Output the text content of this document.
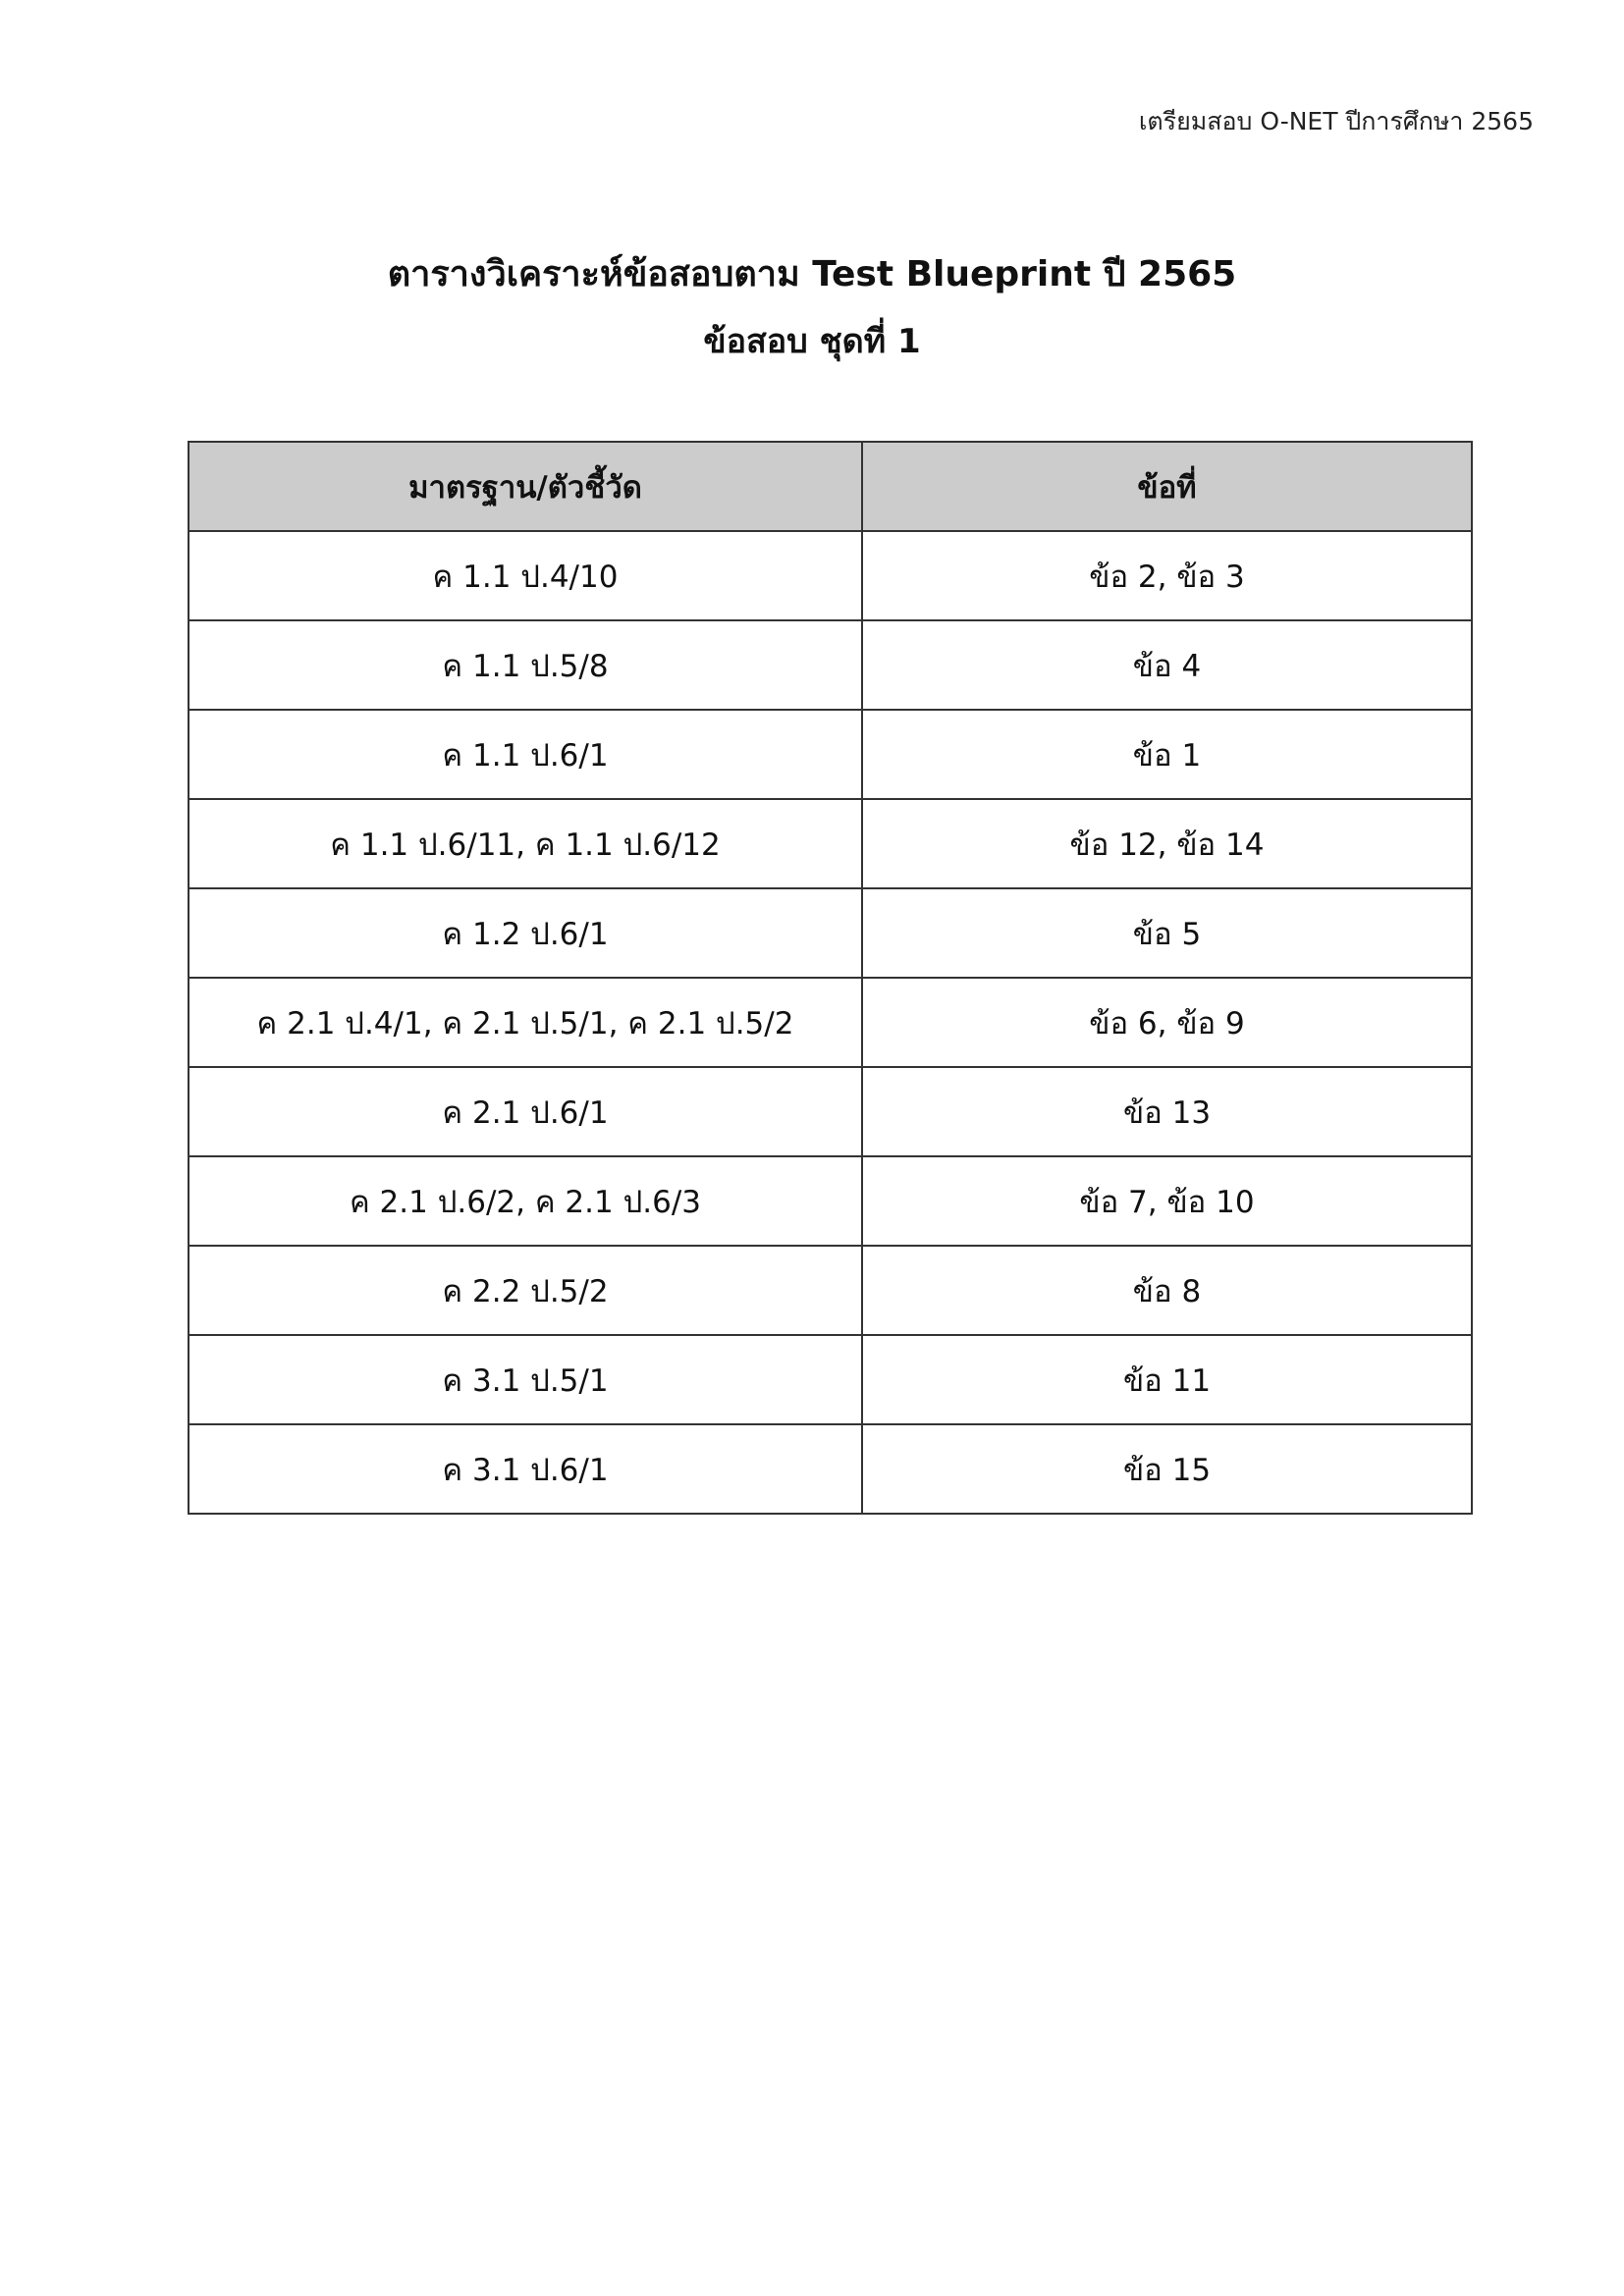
เตรียมสอบ O-NET ปีการศึกษา 2565
ตารางวิเคราะห์ข้อสอบตาม Test Blueprint ปี 2565
ข้อสอบ ชุดที่ 1
มาตรฐาน/ตัวชี้วัด	ข้อที่
ค 1.1 ป.4/10	ข้อ 2, ข้อ 3
ค 1.1 ป.5/8	ข้อ 4
ค 1.1 ป.6/1	ข้อ 1
ค 1.1 ป.6/11, ค 1.1 ป.6/12	ข้อ 12, ข้อ 14
ค 1.2 ป.6/1	ข้อ 5
ค 2.1 ป.4/1, ค 2.1 ป.5/1, ค 2.1 ป.5/2	ข้อ 6, ข้อ 9
ค 2.1 ป.6/1	ข้อ 13
ค 2.1 ป.6/2, ค 2.1 ป.6/3	ข้อ 7, ข้อ 10
ค 2.2 ป.5/2	ข้อ 8
ค 3.1 ป.5/1	ข้อ 11
ค 3.1 ป.6/1	ข้อ 15
